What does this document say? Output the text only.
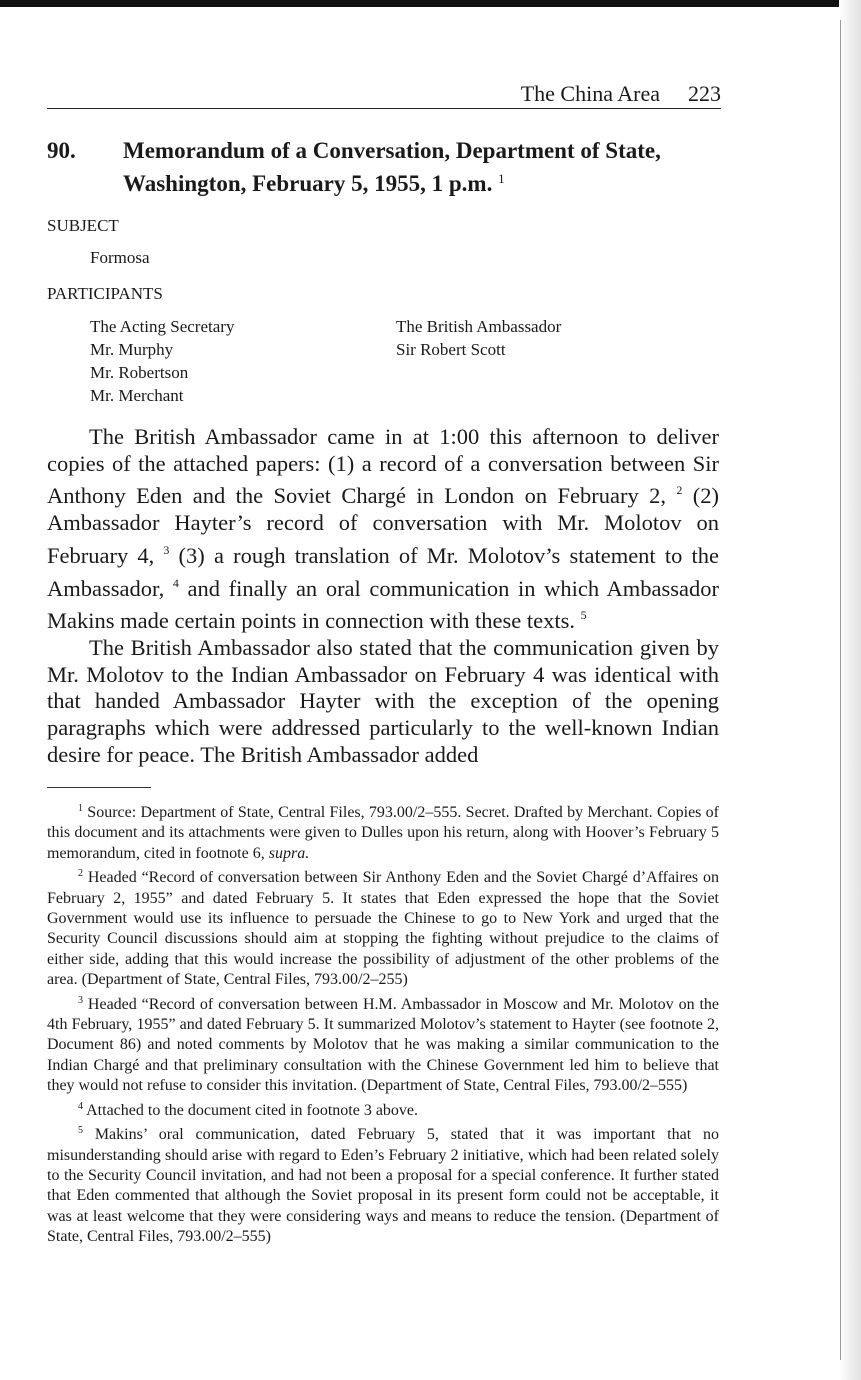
The China Area 223
90. Memorandum of a Conversation, Department of State, Washington, February 5, 1955, 1 p.m. $^1$
SUBJECT
Formosa
PARTICIPANTS
The Acting Secretary
Mr. Murphy
Mr. Robertson
Mr. Merchant
The British Ambassador
Sir Robert Scott

The British Ambassador came in at 1:00 this afternoon to deliver copies of the attached papers: (1) a record of a conversation between Sir Anthony Eden and the Soviet Chargé in London on February 2, $^2$ (2) Ambassador Hayter’s record of conversation with Mr. Molotov on February 4, $^3$ (3) a rough translation of Mr. Molotov’s statement to the Ambassador, $^4$ and finally an oral communication in which Ambassador Makins made certain points in connection with these texts. $^5$

The British Ambassador also stated that the communication given by Mr. Molotov to the Indian Ambassador on February 4 was identical with that handed Ambassador Hayter with the exception of the opening paragraphs which were addressed particularly to the well-known Indian desire for peace. The British Ambassador added

$^1$ Source: Department of State, Central Files, 793.00/2–555. Secret. Drafted by Merchant. Copies of this document and its attachments were given to Dulles upon his return, along with Hoover’s February 5 memorandum, cited in footnote 6, supra.

$^2$ Headed “Record of conversation between Sir Anthony Eden and the Soviet Chargé d’Affaires on February 2, 1955” and dated February 5. It states that Eden expressed the hope that the Soviet Government would use its influence to persuade the Chinese to go to New York and urged that the Security Council discussions should aim at stopping the fighting without prejudice to the claims of either side, adding that this would increase the possibility of adjustment of the other problems of the area. (Department of State, Central Files, 793.00/2–255)

$^3$ Headed “Record of conversation between H.M. Ambassador in Moscow and Mr. Molotov on the 4th February, 1955” and dated February 5. It summarized Molotov’s statement to Hayter (see footnote 2, Document 86) and noted comments by Molotov that he was making a similar communication to the Indian Chargé and that preliminary consultation with the Chinese Government led him to believe that they would not refuse to consider this invitation. (Department of State, Central Files, 793.00/2–555)

$^4$ Attached to the document cited in footnote 3 above.

$^5$ Makins’ oral communication, dated February 5, stated that it was important that no misunderstanding should arise with regard to Eden’s February 2 initiative, which had been related solely to the Security Council invitation, and had not been a proposal for a special conference. It further stated that Eden commented that although the Soviet proposal in its present form could not be acceptable, it was at least welcome that they were considering ways and means to reduce the tension. (Department of State, Central Files, 793.00/2–555)
